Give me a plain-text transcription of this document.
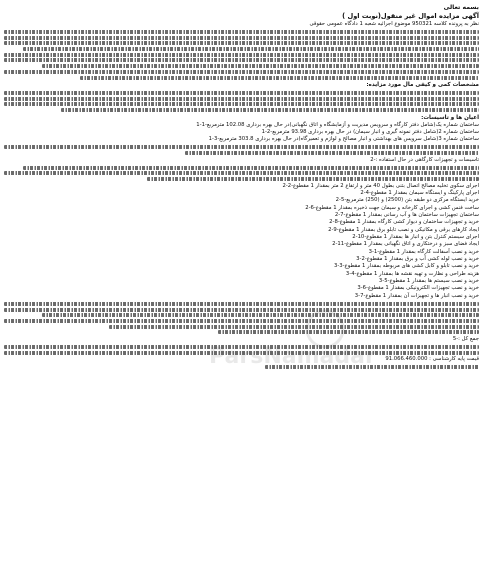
بسمه تعالی
آگهی مزایده اموال غیر منقول(نوبت اول )
نظر به پرونده کلاسه 950321 موضوع اجرائیه شعبه 1 دادگاه عمومی حقوقی
مشخصات کمی و کیفی مال مورد مزایده:
اعیان ها و تاسیسات:
ساختمان شماره یک(شامل دفتر کارگاه و سرویس مدیریت و آزمایشگاه و اتاق نگهبانی)در حال بهره برداری 102.08 مترمربع-1-1
ساختمان شماره 2(شامل دفتر نمونه گیری و انبار سیمان) در حال بهره برداری 93.98 مترمربع-2-1
ساختمان شماره 3(شامل سرویس های بهداشتی و انبار مصالح و لوازم و تعمیرگاه)در حال بهره برداری 303.8 مترمربع-3-1
تاسیسات و تجهیزات کارگاهی در حال استفاده :-2
اجرای سکوی تخلیه مصالح اتصال بتنی بطول 40 متر و ارتفاع 2 متر بمقدار 1 مقطوع-2-2
اجرای پارکینگ و ایستگاه سیمان بمقدار 1 مقطوع-4-2
خرید ایستگاه مرکزی دو طبقه بتن (2500) و (250) مترمربع-5-2
ساخت فنس کشی و اجرای کارخانه و سیمان جهت ذخیره بمقدار 1 مقطوع-6-2
ساختمان تجهیزات ساختمان ها و آب رسانی بمقدار 1 مقطوع-7-2
خرید و تجهیزات ساختمان و دیوار کشی کارگاه بمقدار 1 مقطوع-8-2
ایجاد کارهای برقی و مکانیکی و نصب تابلو برق بمقدار 1 مقطوع-9-2
اجرای سیستم کنترل بتن و انبار ها بمقدار 1 مقطوع-10-2
ایجاد فضای سبز و درختکاری و اتاق نگهبانی بمقدار 1 مقطوع-11-2
خرید و نصب آسفالت کارگاه بمقدار 1 مقطوع-1-3
خرید و نصب لوله کشی آب و برق بمقدار 1 مقطوع-2-3
خرید و نصب تابلو و کابل کشی های مربوطه بمقدار 1 مقطوع-3-3
هزینه طراحی و نظارت و تهیه نقشه ها بمقدار 1 مقطوع-4-3
خرید و نصب سیستم ها بمقدار 1 مقطوع-5-3
خرید و نصب تجهیزات الکترونیکی بمقدار 1 مقطوع-6-3
خرید و نصب انبار ها و تجهیزات آن بمقدار 1 مقطوع-7-3
جمع کل :-5
قیمت پایه کارشناسی : 91.066.460.000
ParsNamadar
